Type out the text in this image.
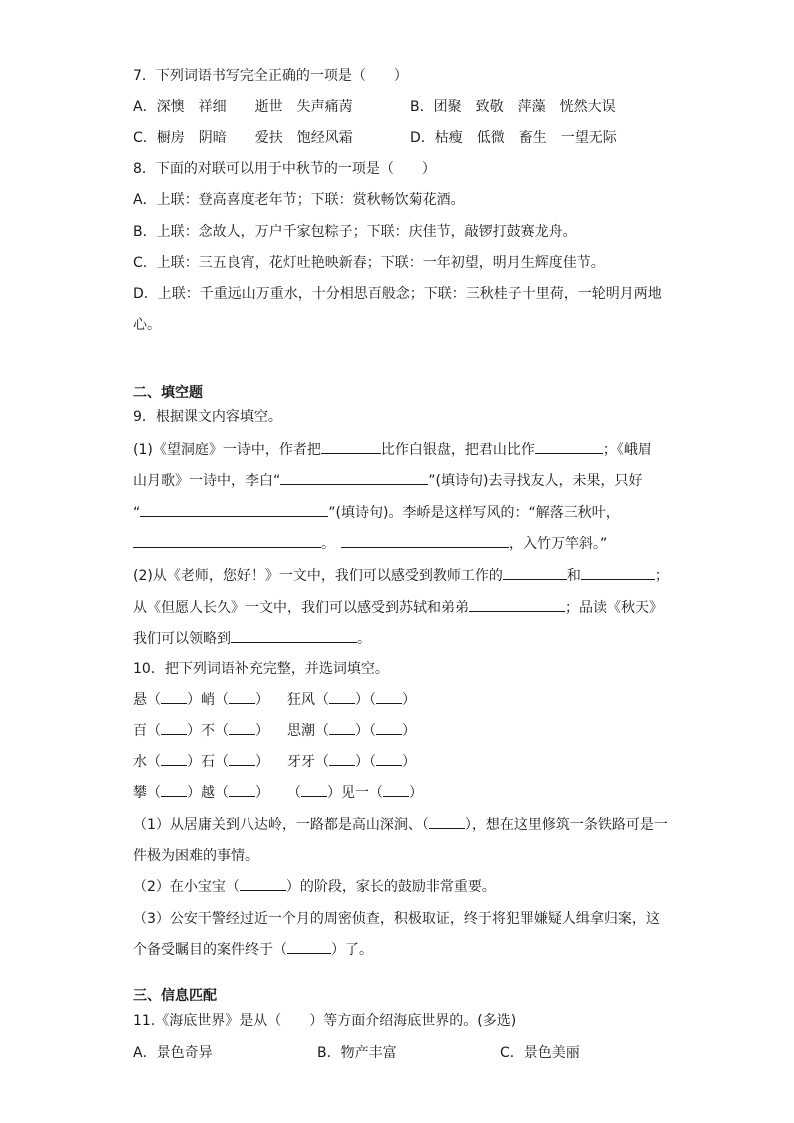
7．下列词语书写完全正确的一项是（　　）
A．深懊　祥细　　逝世　失声痛苪	B．团聚　致敬　萍藻　恍然大误
C．橱房　阴暗　　爱扶　饱经风霜	D．枯瘦　低微　畜生　一望无际
8．下面的对联可以用于中秋节的一项是（　　）
A．上联：登高喜度老年节；下联：赏秋畅饮菊花酒。
B．上联：念故人，万户千家包粽子；下联：庆佳节，敲锣打鼓赛龙舟。
C．上联：三五良宵，花灯吐艳映新春；下联：一年初望，明月生辉度佳节。
D．上联：千重远山万重水，十分相思百般念；下联：三秋桂子十里荷，一轮明月两地
心。
二、填空题
9．根据课文内容填空。
(1)《望洞庭》一诗中，作者把	比作白银盘，把君山比作	；《峨眉
山月歌》一诗中，李白“	”(填诗句)去寻找友人，未果，只好
“	”(填诗句)。李峤是这样写风的：“解落三秋叶，
。	，入竹万竿斜。”
(2)从《老师，您好！》一文中，我们可以感受到教师工作的	和	；
从《但愿人长久》一文中，我们可以感受到苏轼和弟弟	；品读《秋天》
我们可以领略到	。
10．把下列词语补充完整，并选词填空。
悬（ ）峭（ ） 狂风（ ）（ ）
百（ ）不（ ） 思潮（ ）（ ）
水（ ）石（ ） 牙牙（ ）（ ）
攀（ ）越（ ） （ ）见一（ ）
（1）从居庸关到八达岭，一路都是高山深涧、（	），想在这里修筑一条铁路可是一
件极为困难的事情。
（2）在小宝宝（	）的阶段，家长的鼓励非常重要。
（3）公安干警经过近一个月的周密侦查，积极取证，终于将犯罪嫌疑人缉拿归案，这
个备受瞩目的案件终于（	）了。
三、信息匹配
11.《海底世界》是从（　　）等方面介绍海底世界的。(多选)
A．景色奇异	B．物产丰富	C．景色美丽
